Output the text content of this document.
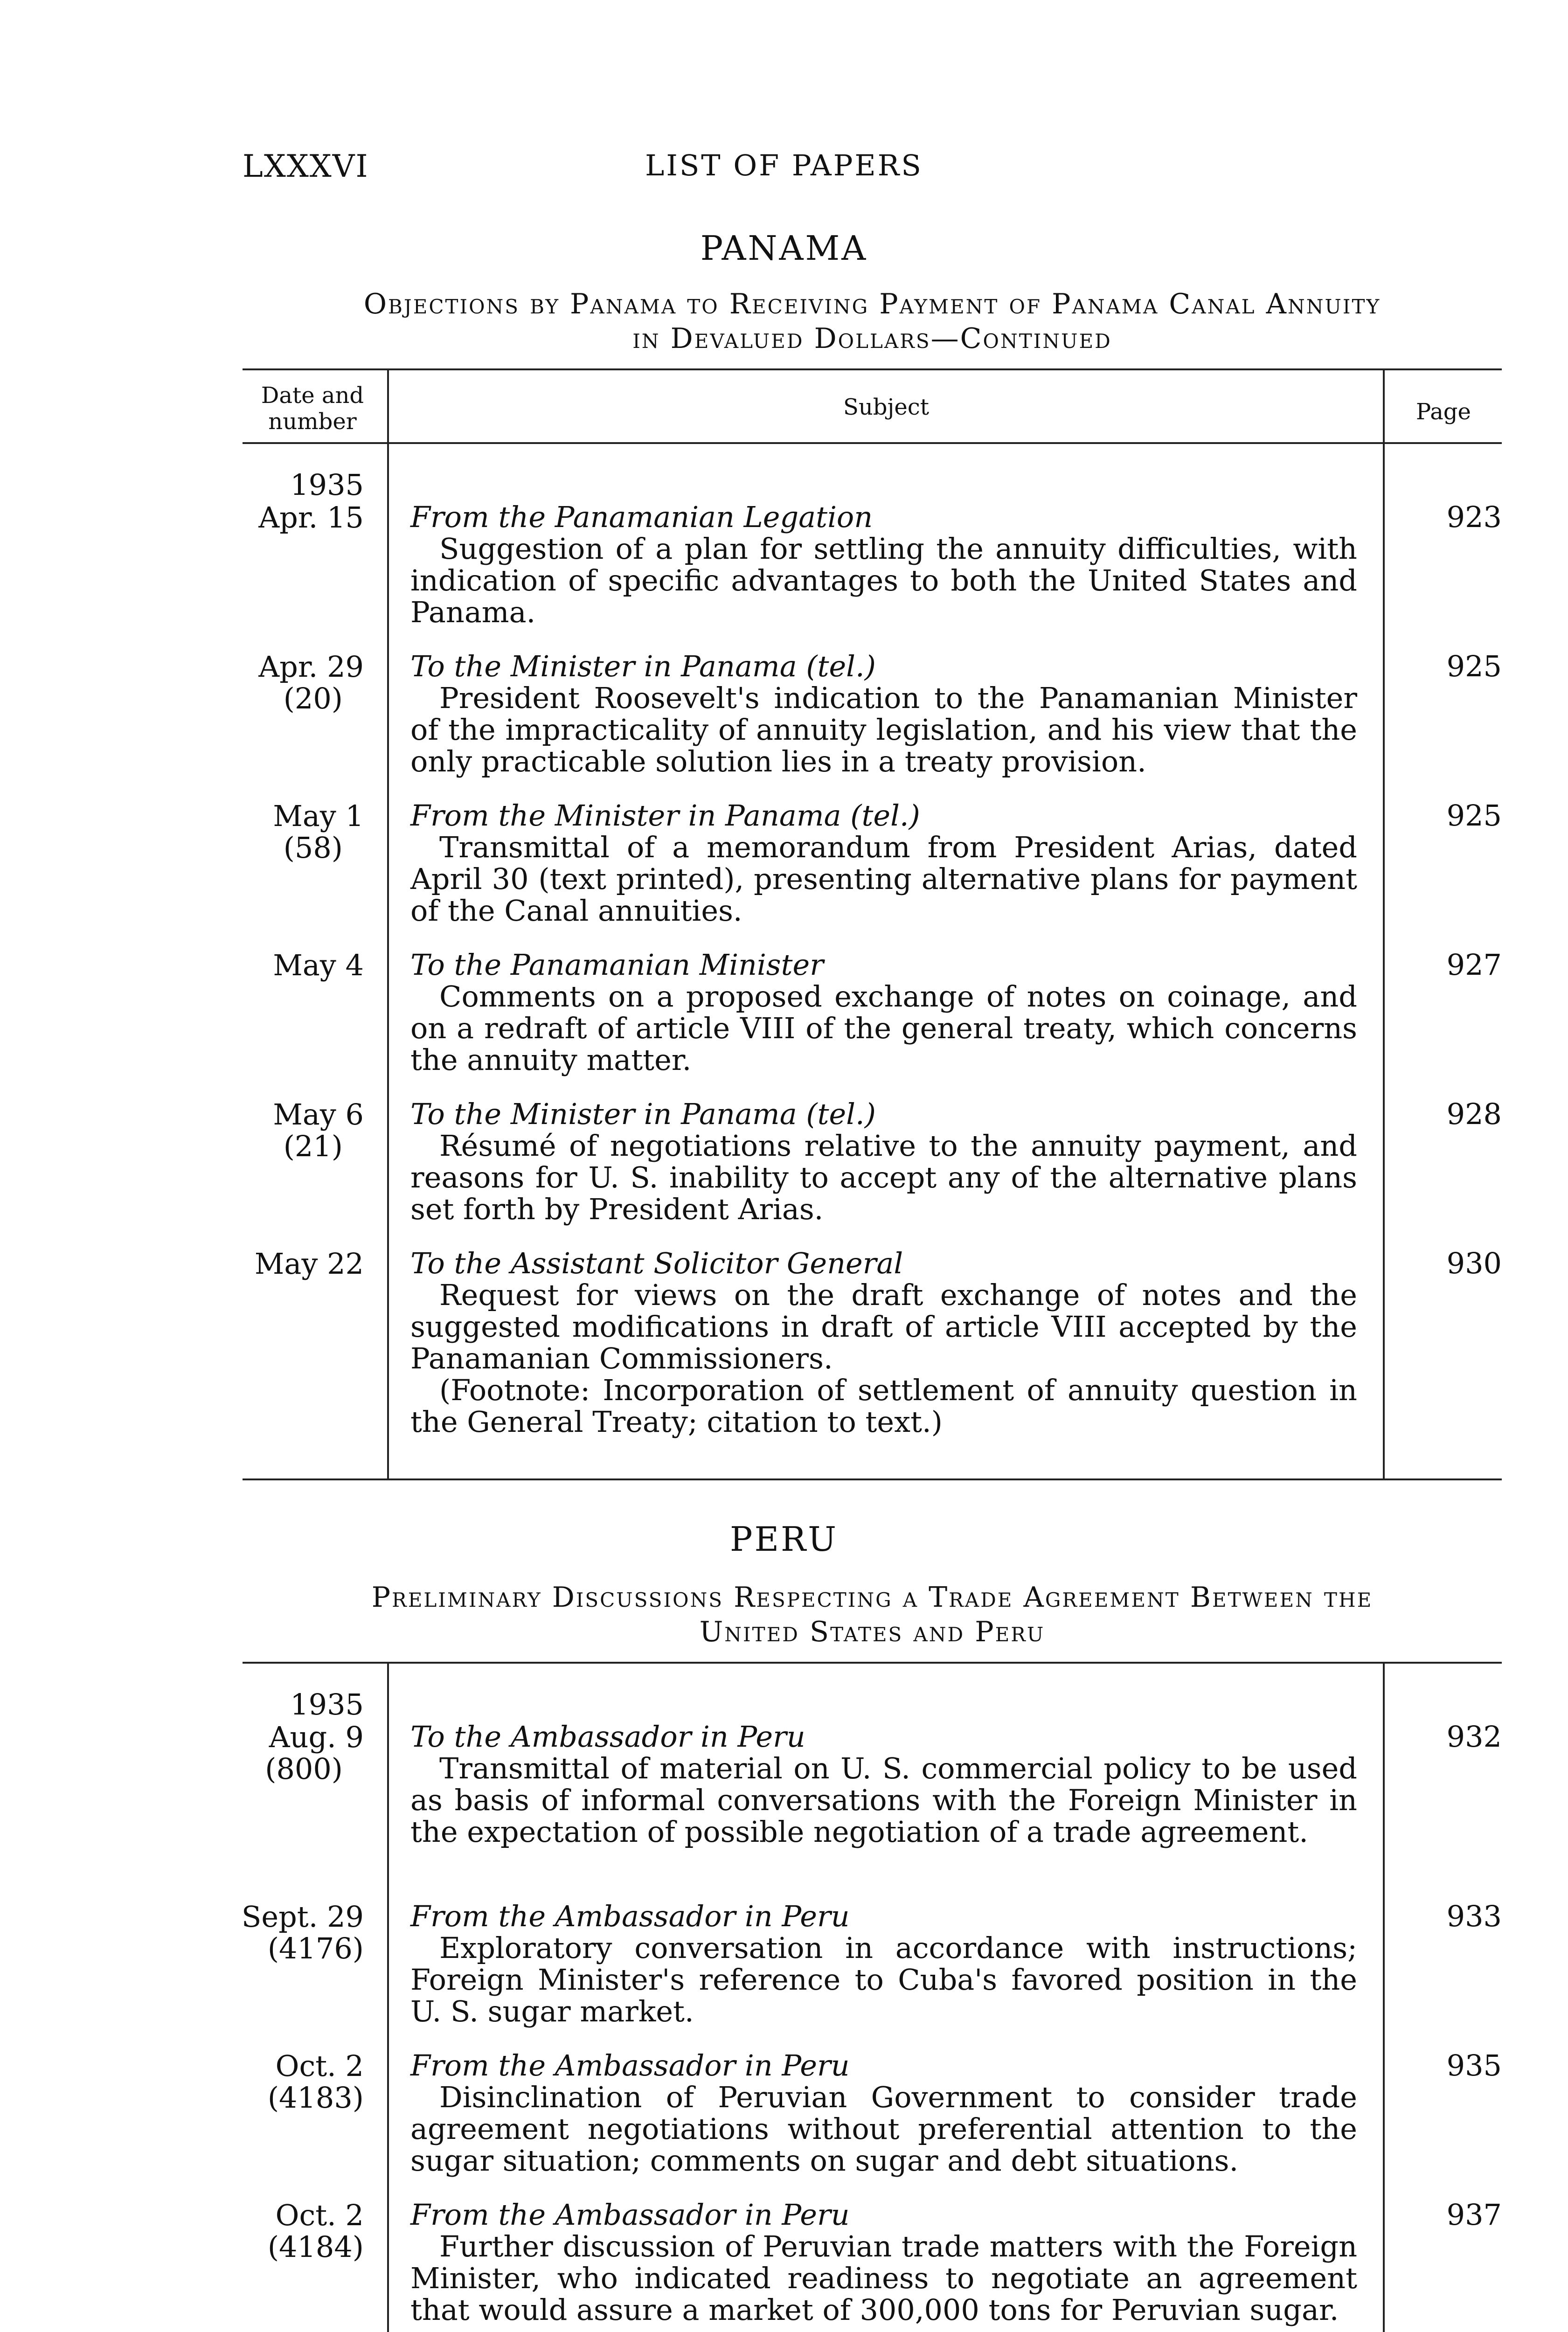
LXXXVI	LIST OF PAPERS
PANAMA
Objections by Panama to Receiving Payment of Panama Canal Annuity
in Devalued Dollars—Continued
Date and number
Subject	Page
1935
Apr. 15 From the Panamanian Legation
Suggestion of a plan for settling the annuity difficulties, with indication of specific advantages to both the United States and Panama.
923
Apr. 29
(20)
To the Minister in Panama (tel.)
President Roosevelt's indication to the Panamanian Minister of the impracticality of annuity legislation, and his view that the only practicable solution lies in a treaty provision.
925
May 1
(58)
From the Minister in Panama (tel.)
Transmittal of a memorandum from President Arias, dated April 30 (text printed), presenting alternative plans for payment of the Canal annuities.
925
May 4 To the Panamanian Minister
Comments on a proposed exchange of notes on coinage, and on a redraft of article VIII of the general treaty, which concerns the annuity matter.
927
May 6
(21)
To the Minister in Panama (tel.)
Résumé of negotiations relative to the annuity payment, and reasons for U. S. inability to accept any of the alternative plans set forth by President Arias.
928
May 22 To the Assistant Solicitor General
Request for views on the draft exchange of notes and the suggested modifications in draft of article VIII accepted by the Panamanian Commissioners.
(Footnote: Incorporation of settlement of annuity question in the General Treaty; citation to text.)
930
PERU
Preliminary Discussions Respecting a Trade Agreement Between the
United States and Peru
1935
Aug. 9
(800)
To the Ambassador in Peru
Transmittal of material on U. S. commercial policy to be used as basis of informal conversations with the Foreign Minister in the expectation of possible negotiation of a trade agreement.
932
Sept. 29
(4176)
From the Ambassador in Peru
Exploratory conversation in accordance with instructions; Foreign Minister's reference to Cuba's favored position in the U. S. sugar market.
933
Oct. 2
(4183)
From the Ambassador in Peru
Disinclination of Peruvian Government to consider trade agreement negotiations without preferential attention to the sugar situation; comments on sugar and debt situations.
935
Oct. 2
(4184)
From the Ambassador in Peru
Further discussion of Peruvian trade matters with the Foreign Minister, who indicated readiness to negotiate an agreement that would assure a market of 300,000 tons for Peruvian sugar.
937
